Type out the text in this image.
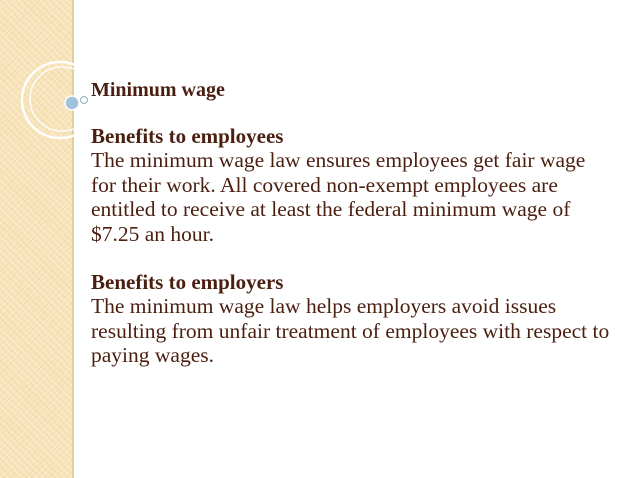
Minimum wage
Benefits to employees
The minimum wage law ensures employees get fair wage for their work. All covered non-exempt employees are entitled to receive at least the federal minimum wage of $7.25 an hour.
Benefits to employers
The minimum wage law helps employers avoid issues resulting from unfair treatment of employees with respect to paying wages.
